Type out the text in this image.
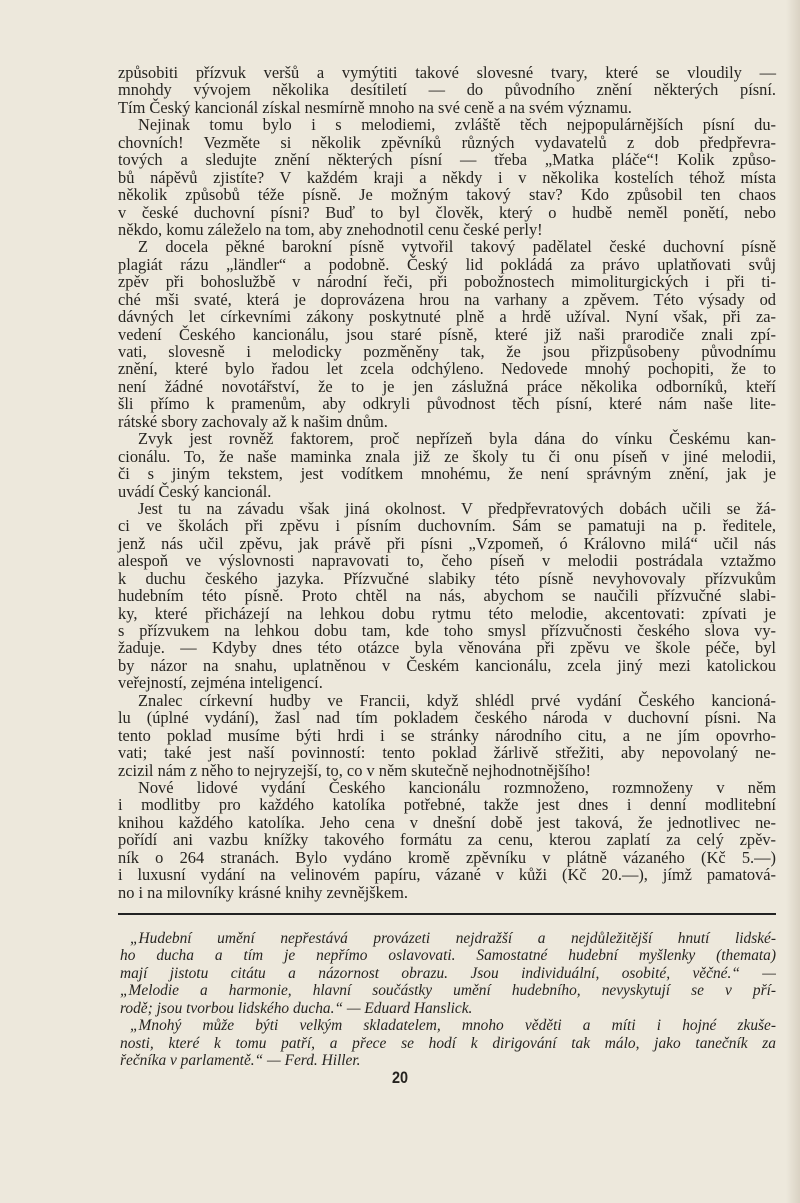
způsobiti přízvuk veršů a vymýtiti takové slovesné tvary, které se vloudily —
mnohdy vývojem několika desítiletí — do původního znění některých písní.
Tím Český kancionál získal nesmírně mnoho na své ceně a na svém významu.
Nejinak tomu bylo i s melodiemi, zvláště těch nejpopulárnějších písní du-
chovních! Vezměte si několik zpěvníků různých vydavatelů z dob předpřevra-
tových a sledujte znění některých písní — třeba „Matka pláče“! Kolik způso-
bů nápěvů zjistíte? V každém kraji a někdy i v několika kostelích téhož místa
několik způsobů téže písně. Je možným takový stav? Kdo způsobil ten chaos
v české duchovní písni? Buď to byl člověk, který o hudbě neměl ponětí, nebo
někdo, komu záleželo na tom, aby znehodnotil cenu české perly!
Z docela pěkné barokní písně vytvořil takový padělatel české duchovní písně
plagiát rázu „ländler“ a podobně. Český lid pokládá za právo uplatňovati svůj
zpěv při bohoslužbě v národní řeči, při pobožnostech mimoliturgických i při ti-
ché mši svaté, která je doprovázena hrou na varhany a zpěvem. Této výsady od
dávných let církevními zákony poskytnuté plně a hrdě užíval. Nyní však, při za-
vedení Českého kancionálu, jsou staré písně, které již naši prarodiče znali zpí-
vati, slovesně i melodicky pozměněny tak, že jsou přizpůsobeny původnímu
znění, které bylo řadou let zcela odchýleno. Nedovede mnohý pochopiti, že to
není žádné novotářství, že to je jen záslužná práce několika odborníků, kteří
šli přímo k pramenům, aby odkryli původnost těch písní, které nám naše lite-
rátské sbory zachovaly až k našim dnům.
Zvyk jest rovněž faktorem, proč nepřízeň byla dána do vínku Českému kan-
cionálu. To, že naše maminka znala již ze školy tu či onu píseň v jiné melodii,
či s jiným tekstem, jest vodítkem mnohému, že není správným znění, jak je
uvádí Český kancionál.
Jest tu na závadu však jiná okolnost. V předpřevratových dobách učili se žá-
ci ve školách při zpěvu i písním duchovním. Sám se pamatuji na p. ředitele,
jenž nás učil zpěvu, jak právě při písni „Vzpomeň, ó Královno milá“ učil nás
alespoň ve výslovnosti napravovati to, čeho píseň v melodii postrádala vztažmo
k duchu českého jazyka. Přízvučné slabiky této písně nevyhovovaly přízvukům
hudebním této písně. Proto chtěl na nás, abychom se naučili přízvučné slabi-
ky, které přicházejí na lehkou dobu rytmu této melodie, akcentovati: zpívati je
s přízvukem na lehkou dobu tam, kde toho smysl přízvučnosti českého slova vy-
žaduje. — Kdyby dnes této otázce byla věnována při zpěvu ve škole péče, byl
by názor na snahu, uplatněnou v Českém kancionálu, zcela jiný mezi katolickou
veřejností, zejména inteligencí.
Znalec církevní hudby ve Francii, když shlédl prvé vydání Českého kancioná-
lu (úplné vydání), žasl nad tím pokladem českého národa v duchovní písni. Na
tento poklad musíme býti hrdi i se stránky národního citu, a ne jím opovrho-
vati; také jest naší povinností: tento poklad žárlivě střežiti, aby nepovolaný ne-
zcizil nám z něho to nejryzejší, to, co v něm skutečně nejhodnotnějšího!
Nové lidové vydání Českého kancionálu rozmnoženo, rozmnoženy v něm
i modlitby pro každého katolíka potřebné, takže jest dnes i denní modlitební
knihou každého katolíka. Jeho cena v dnešní době jest taková, že jednotlivec ne-
pořídí ani vazbu knížky takového formátu za cenu, kterou zaplatí za celý zpěv-
ník o 264 stranách. Bylo vydáno kromě zpěvníku v plátně vázaného (Kč 5.—)
i luxusní vydání na velinovém papíru, vázané v kůži (Kč 20.—), jímž pamatová-
no i na milovníky krásné knihy zevnějškem.
„Hudební umění nepřestává provázeti nejdražší a nejdůležitější hnutí lidské-
ho ducha a tím je nepřímo oslavovati. Samostatné hudební myšlenky (themata)
mají jistotu citátu a názornost obrazu. Jsou individuální, osobité, věčné.“ —
„Melodie a harmonie, hlavní součástky umění hudebního, nevyskytují se v pří-
rodě; jsou tvorbou lidského ducha.“ — Eduard Hanslick.
„Mnohý může býti velkým skladatelem, mnoho věděti a míti i hojné zkuše-
nosti, které k tomu patří, a přece se hodí k dirigování tak málo, jako tanečník za
řečníka v parlamentě.“ — Ferd. Hiller.
20
